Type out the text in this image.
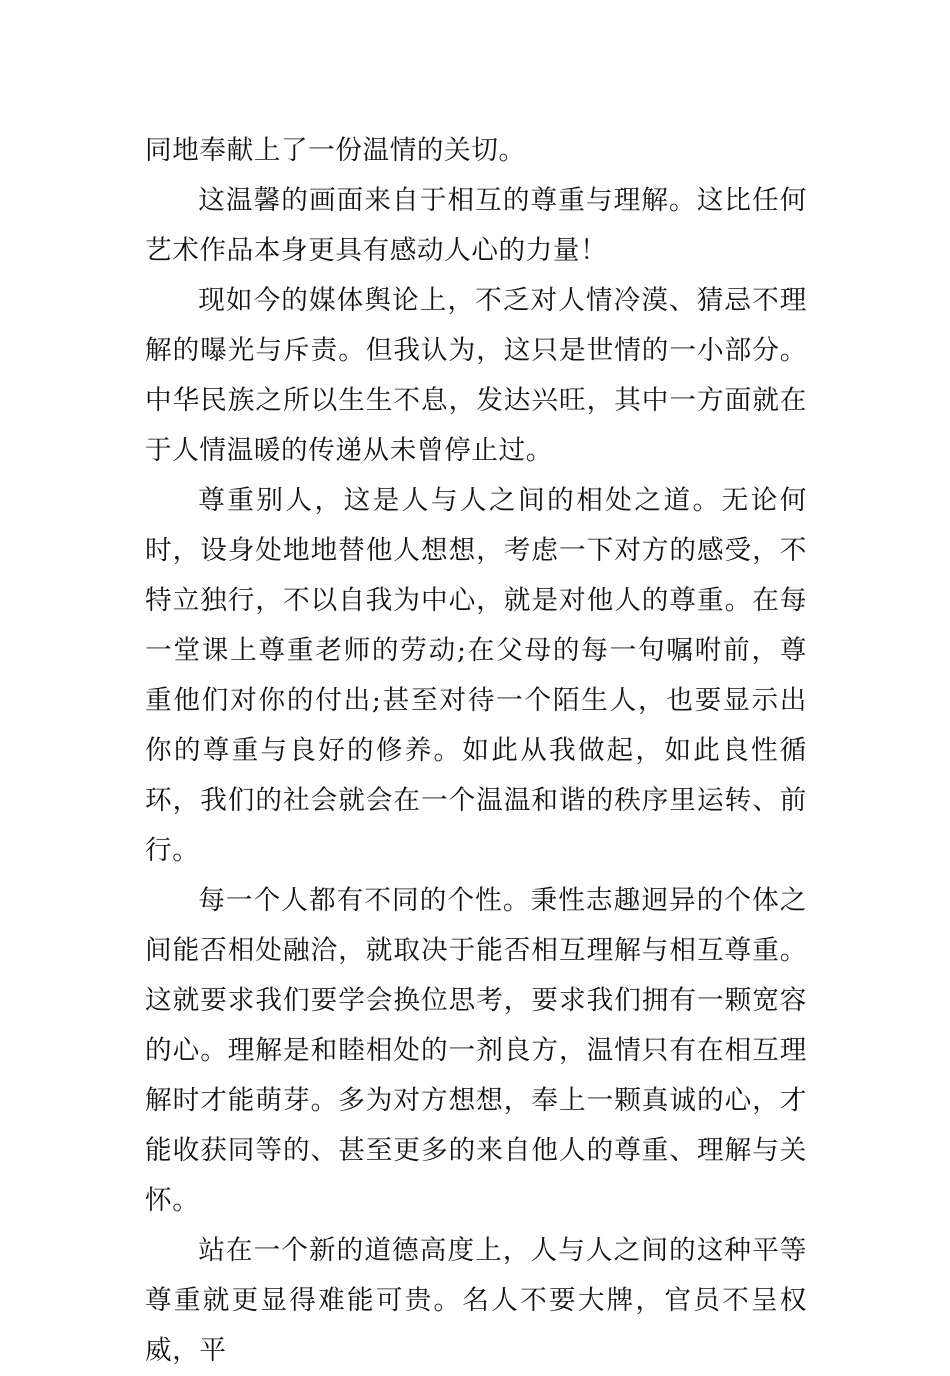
同地奉献上了一份温情的关切。

这温馨的画面来自于相互的尊重与理解。这比任何艺术作品本身更具有感动人心的力量！

现如今的媒体舆论上，不乏对人情冷漠、猜忌不理解的曝光与斥责。但我认为，这只是世情的一小部分。中华民族之所以生生不息，发达兴旺，其中一方面就在于人情温暖的传递从未曾停止过。

尊重别人，这是人与人之间的相处之道。无论何时，设身处地地替他人想想，考虑一下对方的感受，不特立独行，不以自我为中心，就是对他人的尊重。在每一堂课上尊重老师的劳动;在父母的每一句嘱咐前，尊重他们对你的付出;甚至对待一个陌生人，也要显示出你的尊重与良好的修养。如此从我做起，如此良性循环，我们的社会就会在一个温温和谐的秩序里运转、前行。

每一个人都有不同的个性。秉性志趣迥异的个体之间能否相处融洽，就取决于能否相互理解与相互尊重。这就要求我们要学会换位思考，要求我们拥有一颗宽容的心。理解是和睦相处的一剂良方，温情只有在相互理解时才能萌芽。多为对方想想，奉上一颗真诚的心，才能收获同等的、甚至更多的来自他人的尊重、理解与关怀。

站在一个新的道德高度上，人与人之间的这种平等尊重就更显得难能可贵。名人不要大牌，官员不呈权威，平
